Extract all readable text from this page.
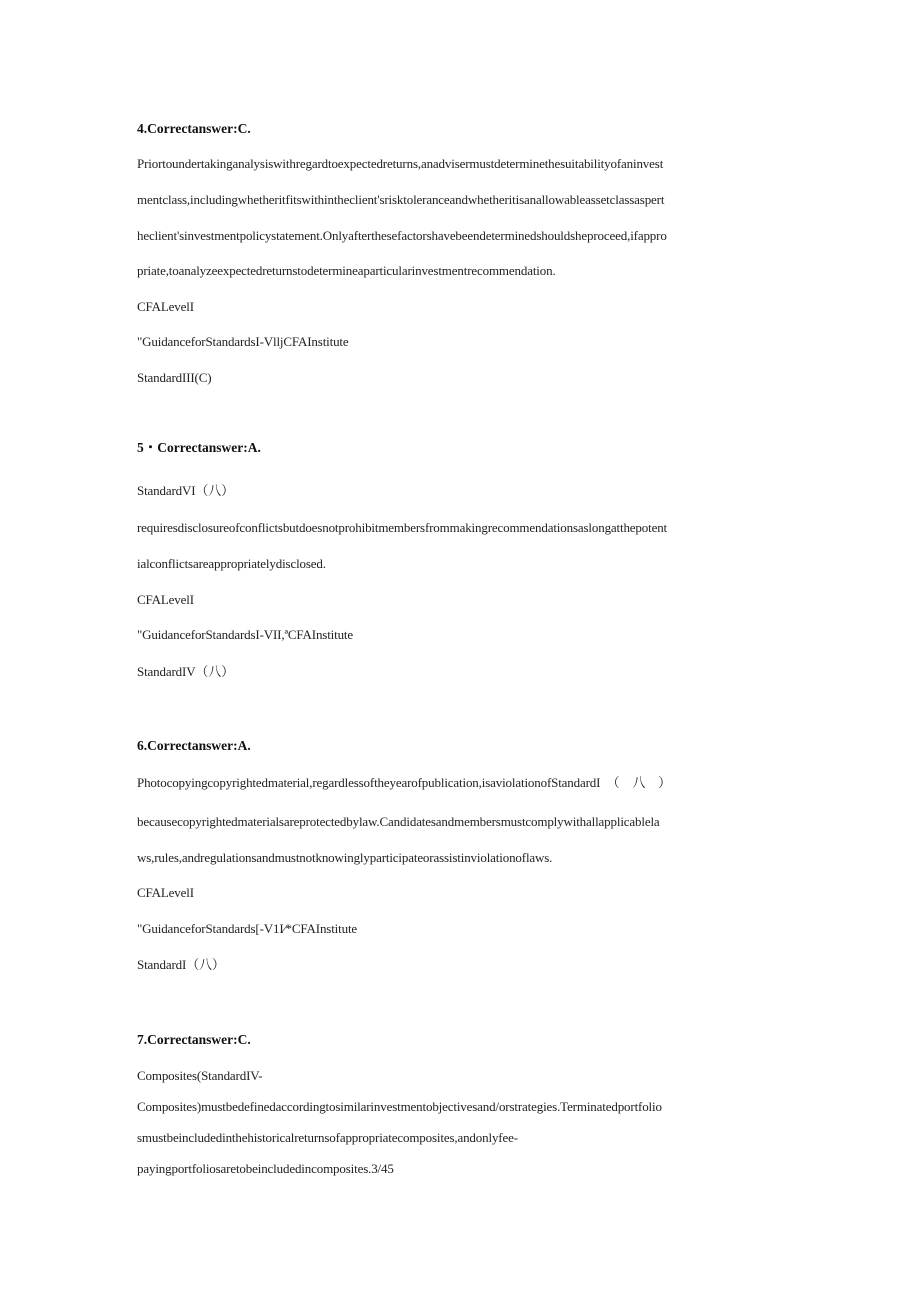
4.Correctanswer:C.
Priortoundertakinganalysiswithregardtoexpectedreturns,anadvisermustdeterminethesuitabilityofaninvest
mentclass,includingwhetheritfitswithintheclient'srisktoleranceandwhetheritisanallowableassetclassaspert
heclient'sinvestmentpolicystatement.Onlyafterthesefactorshavebeendeterminedshouldsheproceed,ifappro
priate,toanalyzeexpectedreturnstodetermineaparticularinvestmentrecommendation.
CFALevelI
"GuidanceforStandardsI-VlljCFAInstitute
StandardIII(C)
5・Correctanswer:A.
StandardVI（八）
requiresdisclosureofconflictsbutdoesnotprohibitmembersfrommakingrecommendationsaslongatthepotent
ialconflictsareappropriatelydisclosed.
CFALevelI
"GuidanceforStandardsI-VII,ªCFAInstitute
StandardIV（八）
6.Correctanswer:A.
Photocopyingcopyrightedmaterial,regardlessoftheyearofpublication,isaviolationofStandardI　（　八　）
becausecopyrightedmaterialsareprotectedbylaw.Candidatesandmembersmustcomplywithallapplicablela
ws,rules,andregulationsandmustnotknowinglyparticipateorassistinviolationoflaws.
CFALevelI
"GuidanceforStandards[-V1I∕*CFAInstitute
StandardI（八）
7.Correctanswer:C.
Composites(StandardIV-
Composites)mustbedefinedaccordingtosimilarinvestmentobjectivesand/orstrategies.Terminatedportfolio
smustbeincludedinthehistoricalreturnsofappropriatecomposites,andonlyfee-
payingportfoliosaretobeincludedincomposites.3/45
